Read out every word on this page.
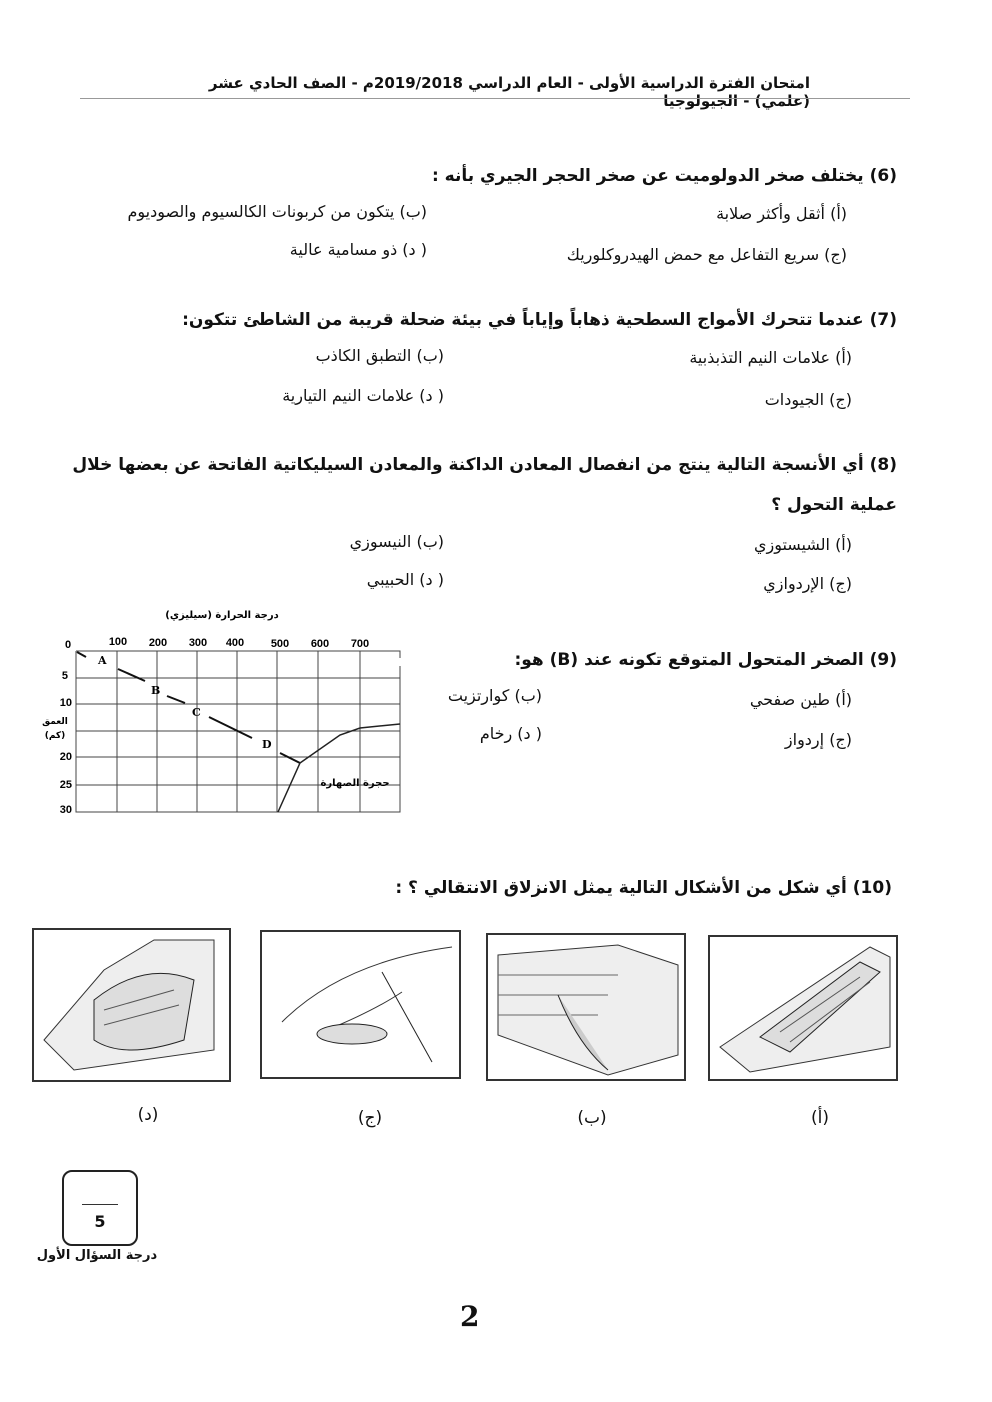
امتحان الفترة الدراسية الأولى - العام الدراسي 2019/2018م - الصف الحادي عشر (علمي) - الجيولوجيا
(6) يختلف صخر الدولوميت عن صخر الحجر الجيري بأنه :
(أ) أثقل وأكثر صلابة
(ب) يتكون من كربونات الكالسيوم والصوديوم
(ج) سريع التفاعل مع حمض الهيدروكلوريك
( د) ذو مسامية عالية
(7) عندما تتحرك الأمواج السطحية ذهاباً وإياباً في بيئة ضحلة قريبة من الشاطئ تتكون:
(أ) علامات النيم التذبذبية
(ب) التطبق الكاذب
(ج) الجيودات
( د) علامات النيم التيارية
(8) أي الأنسجة التالية ينتج من انفصال المعادن الداكنة والمعادن السيليكاتية الفاتحة عن بعضها خلال
عملية التحول ؟
(أ) الشيستوزي
(ب) النيسوزي
(ج) الإردوازي
( د) الحبيبي
(9) الصخر المتحول المتوقع تكونه عند (B) هو:
(أ) طين صفحي
(ب) كوارتزيت
(ج) إردواز
( د) رخام
درجة الحرارة (سيليزي)
0	100 200 300 400 500 600 700
5
10
20
25
30
العمق
(كم)
A
B
C
D
حجرة الصهارة
(10) أي شكل من الأشكال التالية يمثل الانزلاق الانتقالي ؟ :
(د)	(ج)	(ب)	(أ)
5
درجة السؤال الأول
2
